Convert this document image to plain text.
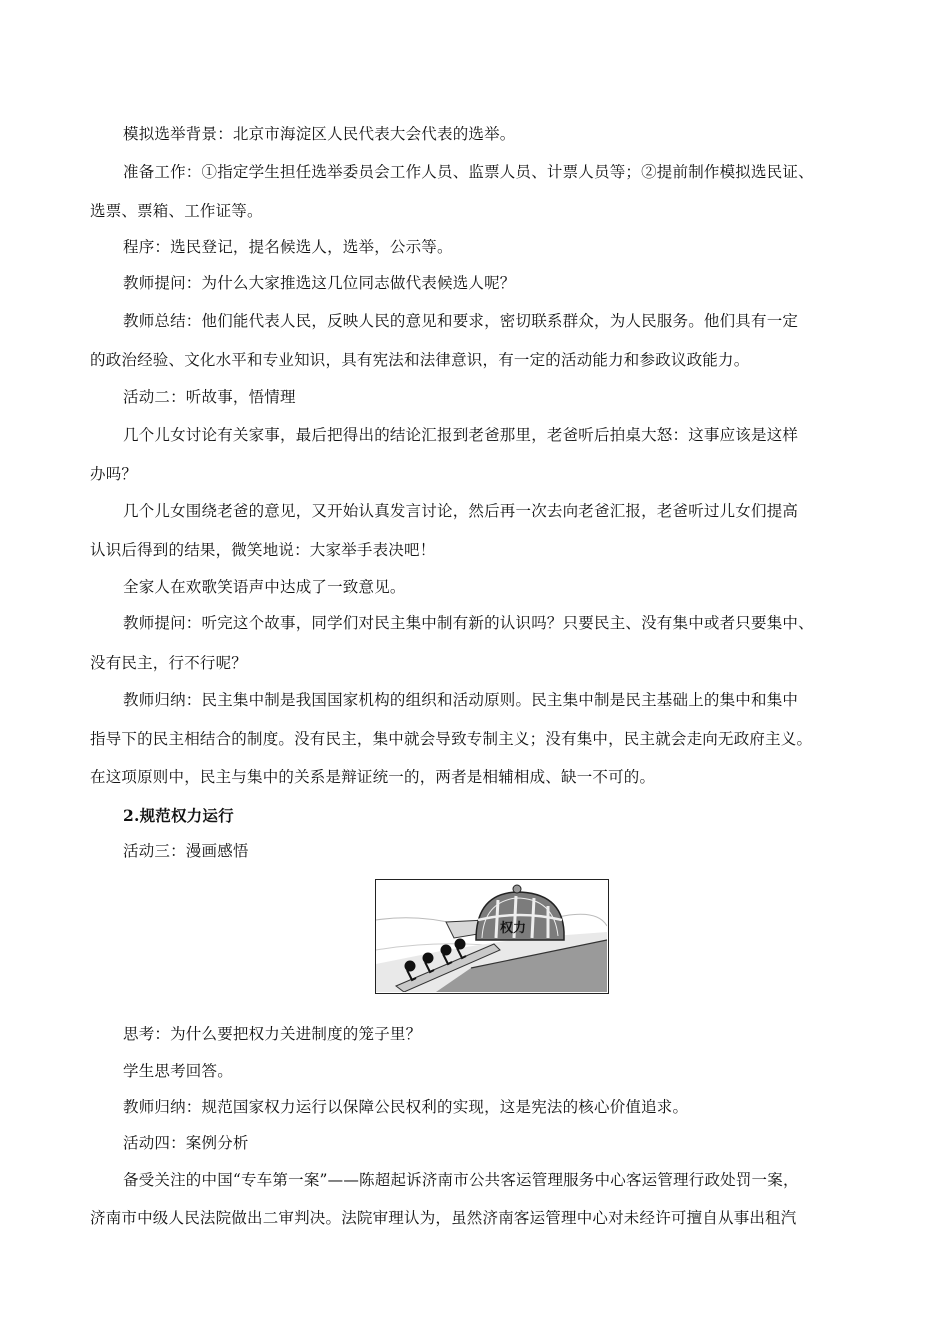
模拟选举背景：北京市海淀区人民代表大会代表的选举。
准备工作：①指定学生担任选举委员会工作人员、监票人员、计票人员等；②提前制作模拟选民证、
选票、票箱、工作证等。
程序：选民登记，提名候选人，选举，公示等。
教师提问：为什么大家推选这几位同志做代表候选人呢？
教师总结：他们能代表人民，反映人民的意见和要求，密切联系群众，为人民服务。他们具有一定
的政治经验、文化水平和专业知识，具有宪法和法律意识，有一定的活动能力和参政议政能力。
活动二：听故事，悟情理
几个儿女讨论有关家事，最后把得出的结论汇报到老爸那里，老爸听后拍桌大怒：这事应该是这样
办吗？
几个儿女围绕老爸的意见，又开始认真发言讨论，然后再一次去向老爸汇报，老爸听过儿女们提高
认识后得到的结果，微笑地说：大家举手表决吧！
全家人在欢歌笑语声中达成了一致意见。
教师提问：听完这个故事，同学们对民主集中制有新的认识吗？只要民主、没有集中或者只要集中、
没有民主，行不行呢？
教师归纳：民主集中制是我国国家机构的组织和活动原则。民主集中制是民主基础上的集中和集中
指导下的民主相结合的制度。没有民主，集中就会导致专制主义；没有集中，民主就会走向无政府主义。
在这项原则中，民主与集中的关系是辩证统一的，两者是相辅相成、缺一不可的。
2.规范权力运行
活动三：漫画感悟
权力
思考：为什么要把权力关进制度的笼子里？
学生思考回答。
教师归纳：规范国家权力运行以保障公民权利的实现，这是宪法的核心价值追求。
活动四：案例分析
备受关注的中国“专车第一案”——陈超起诉济南市公共客运管理服务中心客运管理行政处罚一案，
济南市中级人民法院做出二审判决。法院审理认为，虽然济南客运管理中心对未经许可擅自从事出租汽
